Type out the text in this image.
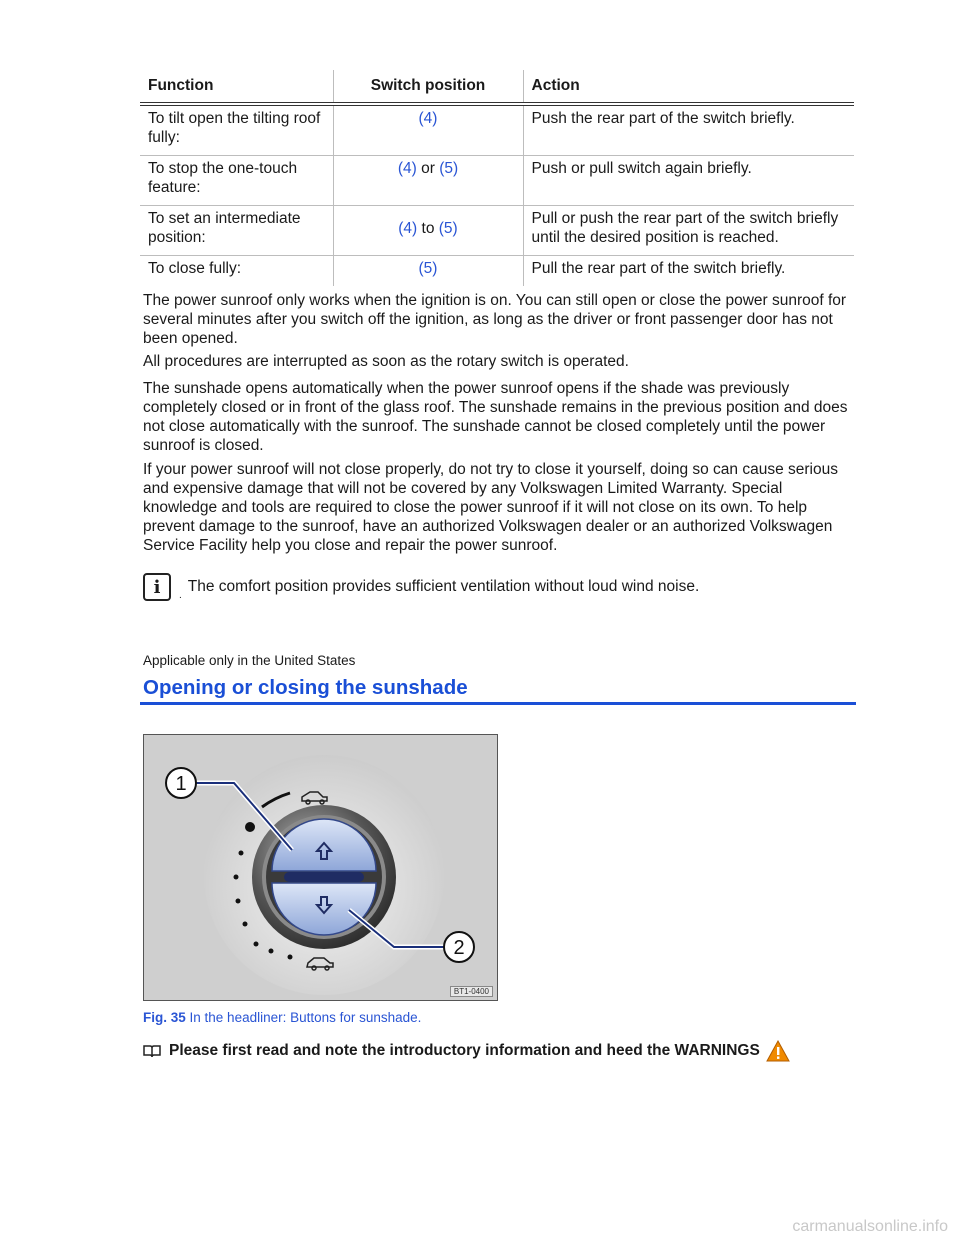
Function	Switch position	Action
To tilt open the tilting roof fully:	(4)	Push the rear part of the switch briefly.
To stop the one-touch feature:	(4) or (5)	Push or pull switch again briefly.
To set an intermediate position:	(4) to (5)	Pull or push the rear part of the switch briefly until the desired position is reached.
To close fully:	(5)	Pull the rear part of the switch briefly.

The power sunroof only works when the ignition is on. You can still open or close the power sunroof for several minutes after you switch off the ignition, as long as the driver or front passenger door has not been opened.

All procedures are interrupted as soon as the rotary switch is operated.

The sunshade opens automatically when the power sunroof opens if the shade was previously completely closed or in front of the glass roof. The sunshade remains in the previous position and does not close automatically with the sunroof. The sunshade cannot be closed completely until the power sunroof is closed.

If your power sunroof will not close properly, do not try to close it yourself, doing so can cause serious and expensive damage that will not be covered by any Volkswagen Limited Warranty. Special knowledge and tools are required to close the power sunroof if it will not close on its own. To help prevent damage to the sunroof, have an authorized Volkswagen dealer or an authorized Volkswagen Service Facility help you close and repair the power sunroof.

i	.
The comfort position provides sufficient ventilation without loud wind noise.
Applicable only in the United States
Opening or closing the sunshade
1
2
BT1-0400
Fig. 35 In the headliner: Buttons for sunshade.
Please first read and note the introductory information and heed the WARNINGS
carmanualsonline.info
